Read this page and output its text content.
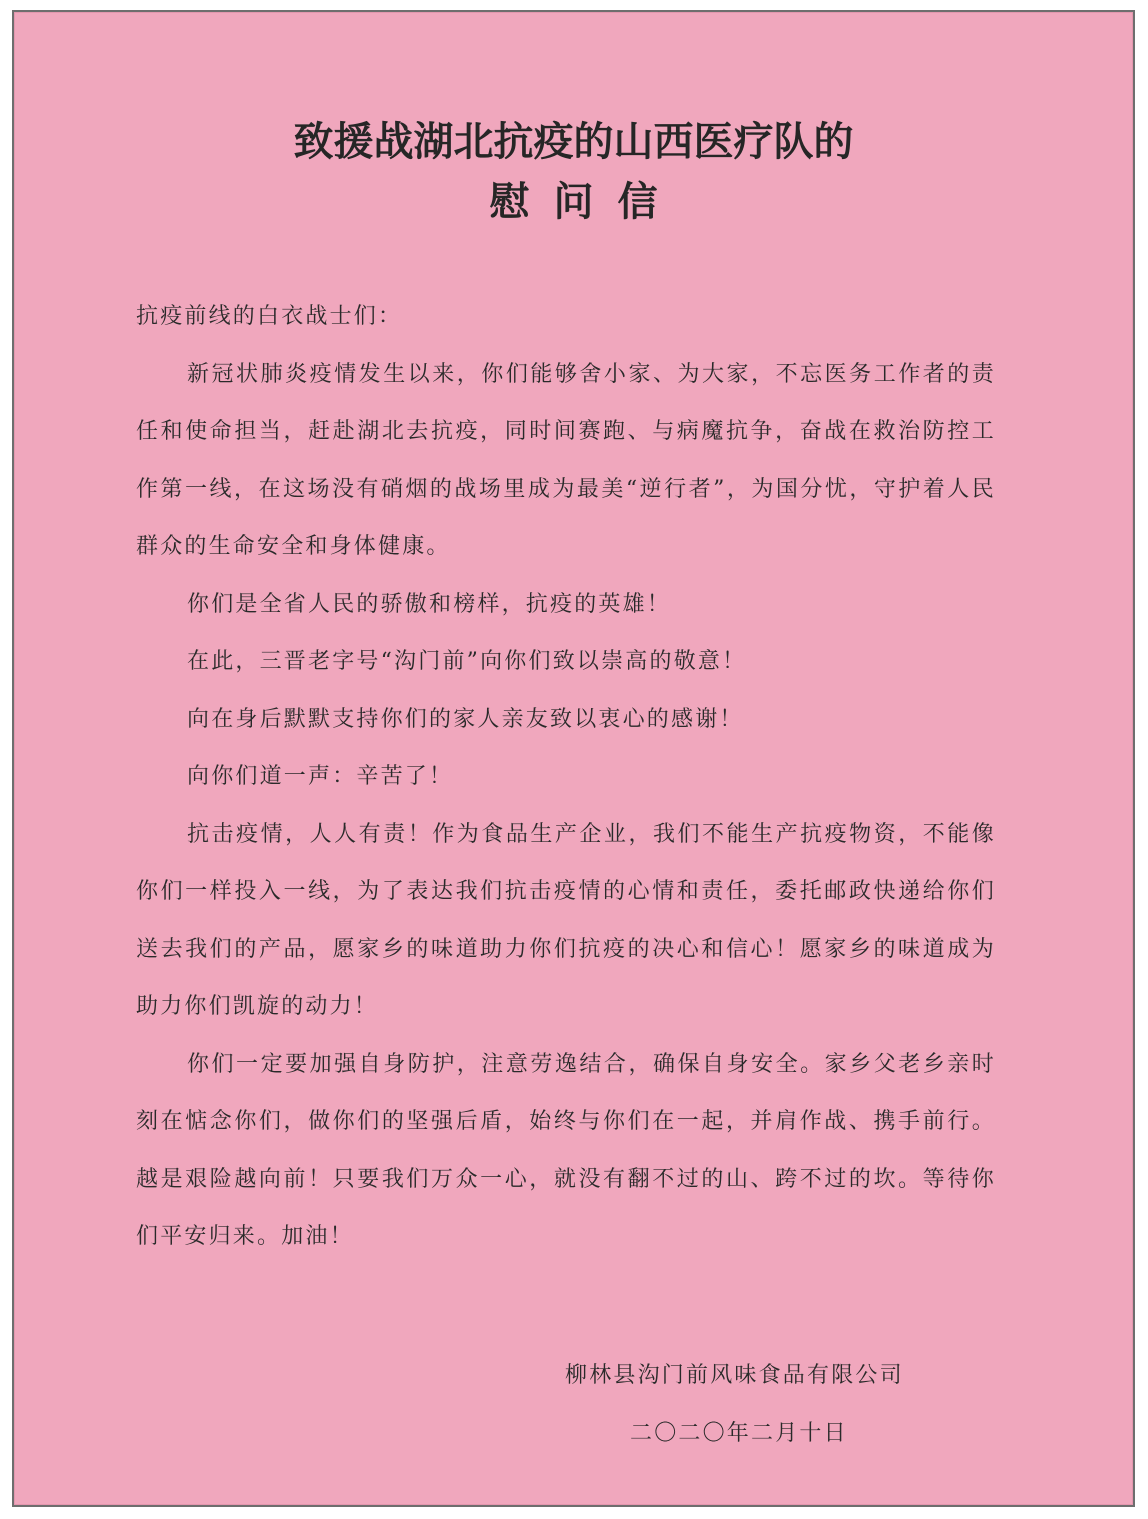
致援战湖北抗疫的山西医疗队的
慰问信

抗疫前线的白衣战士们：

新冠状肺炎疫情发生以来，你们能够舍小家、为大家，不忘医务工作者的责任和使命担当，赶赴湖北去抗疫，同时间赛跑、与病魔抗争，奋战在救治防控工作第一线，在这场没有硝烟的战场里成为最美“逆行者”，为国分忧，守护着人民群众的生命安全和身体健康。

你们是全省人民的骄傲和榜样，抗疫的英雄！

在此，三晋老字号“沟门前”向你们致以崇高的敬意！

向在身后默默支持你们的家人亲友致以衷心的感谢！

向你们道一声：辛苦了！

抗击疫情，人人有责！作为食品生产企业，我们不能生产抗疫物资，不能像你们一样投入一线，为了表达我们抗击疫情的心情和责任，委托邮政快递给你们送去我们的产品，愿家乡的味道助力你们抗疫的决心和信心！愿家乡的味道成为助力你们凯旋的动力！

你们一定要加强自身防护，注意劳逸结合，确保自身安全。家乡父老乡亲时刻在惦念你们，做你们的坚强后盾，始终与你们在一起，并肩作战、携手前行。越是艰险越向前！只要我们万众一心，就没有翻不过的山、跨不过的坎。等待你们平安归来。加油！

柳林县沟门前风味食品有限公司
二〇二〇年二月十日
